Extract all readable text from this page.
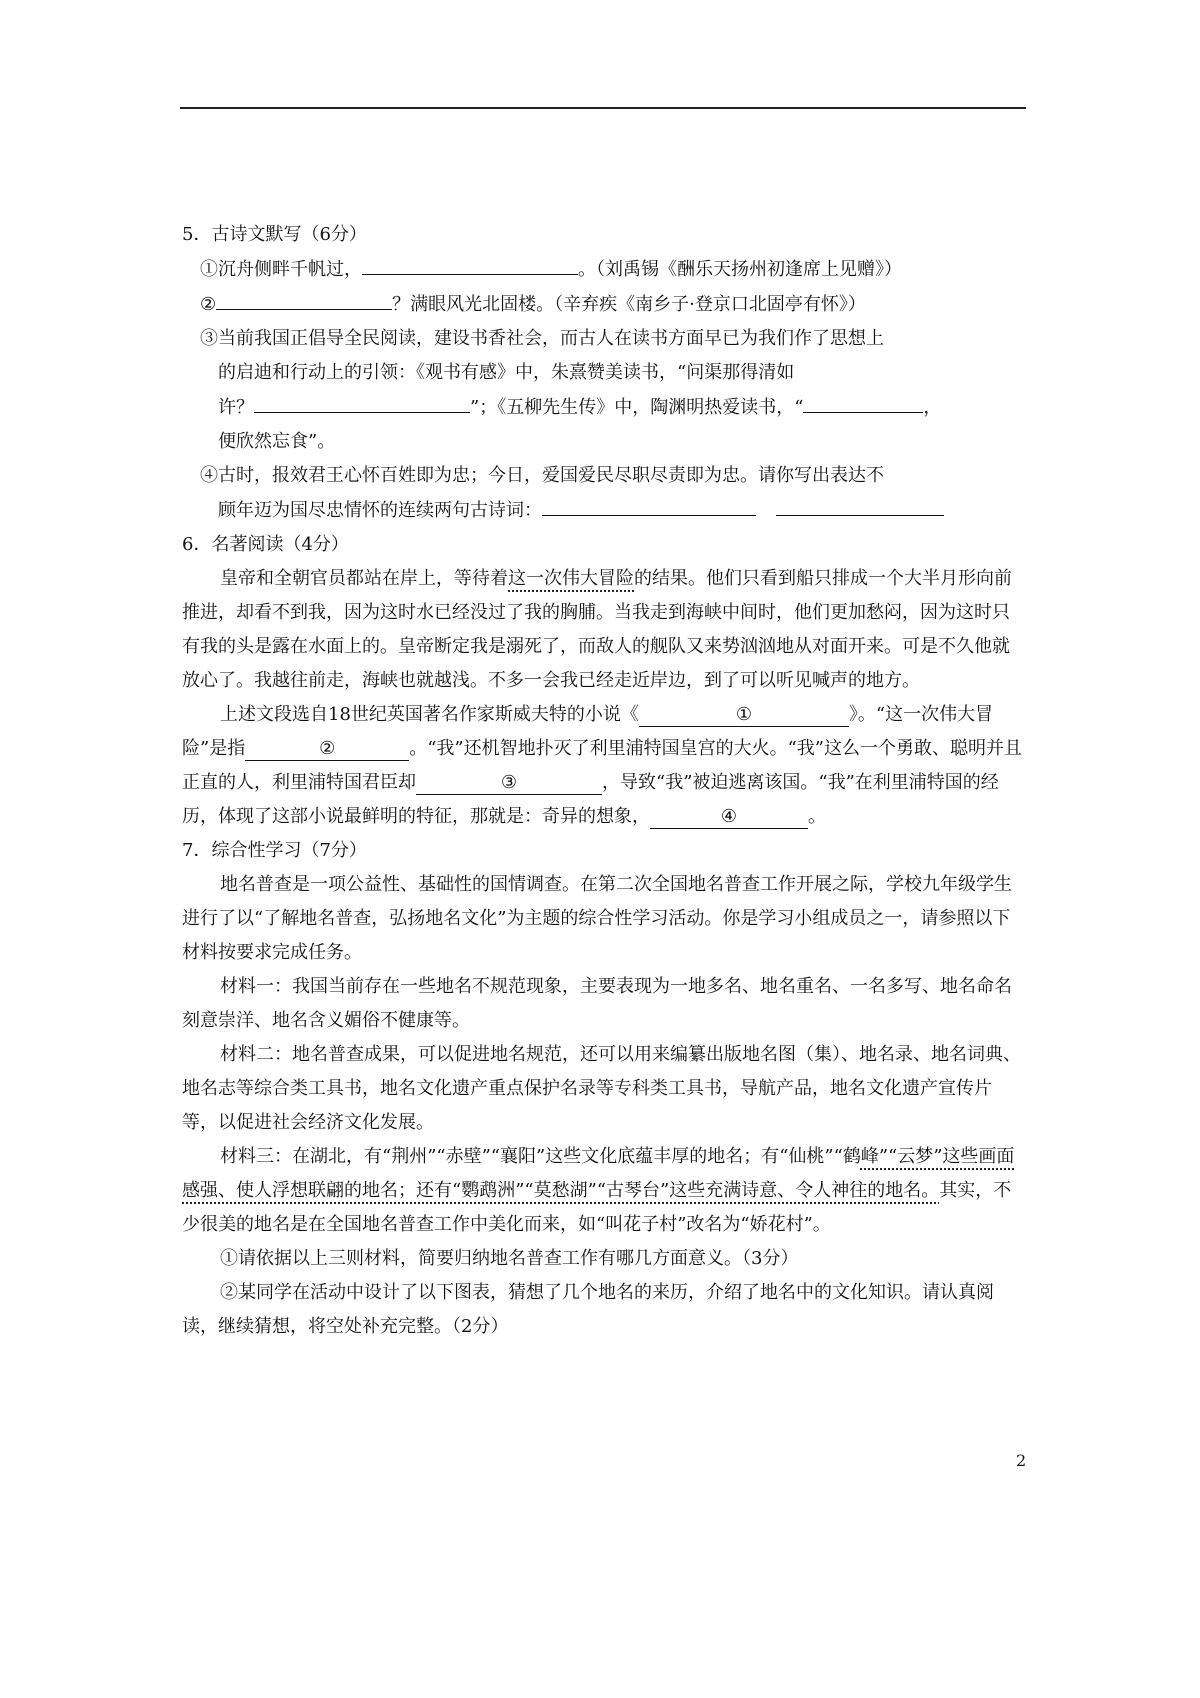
5．古诗文默写（6分）

①沉舟侧畔千帆过，	。（刘禹锡《酬乐天扬州初逢席上见赠》）

②	？满眼风光北固楼。（辛弃疾《南乡子·登京口北固亭有怀》）

③当前我国正倡导全民阅读，建设书香社会，而古人在读书方面早已为我们作了思想上
的启迪和行动上的引领：《观书有感》中，朱熹赞美读书，“问渠那得清如
许？	”；《五柳先生传》中，陶渊明热爱读书，“	，
便欣然忘食”。

④古时，报效君王心怀百姓即为忠；今日，爱国爱民尽职尽责即为忠。请你写出表达不
顾年迈为国尽忠情怀的连续两句古诗词：

6．名著阅读（4分）

皇帝和全朝官员都站在岸上，等待着这一次伟大冒险的结果。他们只看到船只排成一个大半月形向前推进，却看不到我，因为这时水已经没过了我的胸脯。当我走到海峡中间时，他们更加愁闷，因为这时只有我的头是露在水面上的。皇帝断定我是溺死了，而敌人的舰队又来势汹汹地从对面开来。可是不久他就放心了。我越往前走，海峡也就越浅。不多一会我已经走近岸边，到了可以听见喊声的地方。

上述文段选自18世纪英国著名作家斯威夫特的小说《	①	》。“这一次伟大冒险”是指	②	。“我”还机智地扑灭了利里浦特国皇宫的大火。“我”这么一个勇敢、聪明并且正直的人，利里浦特国君臣却	③	，导致“我”被迫逃离该国。“我”在利里浦特国的经历，体现了这部小说最鲜明的特征，那就是：奇异的想象，	④	。

7．综合性学习（7分）

地名普查是一项公益性、基础性的国情调查。在第二次全国地名普查工作开展之际，学校九年级学生进行了以“了解地名普查，弘扬地名文化”为主题的综合性学习活动。你是学习小组成员之一，请参照以下材料按要求完成任务。

材料一：我国当前存在一些地名不规范现象，主要表现为一地多名、地名重名、一名多写、地名命名刻意崇洋、地名含义媚俗不健康等。

材料二：地名普查成果，可以促进地名规范，还可以用来编纂出版地名图（集）、地名录、地名词典、地名志等综合类工具书，地名文化遗产重点保护名录等专科类工具书，导航产品，地名文化遗产宣传片等，以促进社会经济文化发展。

材料三：在湖北，有“荆州”“赤壁”“襄阳”这些文化底蕴丰厚的地名；有“仙桃”“鹤峰”“云梦”这些画面感强、使人浮想联翩的地名；还有“鹦鹉洲”“莫愁湖”“古琴台”这些充满诗意、令人神往的地名。其实，不少很美的地名是在全国地名普查工作中美化而来，如“叫花子村”改名为“娇花村”。

①请依据以上三则材料，简要归纳地名普查工作有哪几方面意义。（3分）

②某同学在活动中设计了以下图表，猜想了几个地名的来历，介绍了地名中的文化知识。请认真阅读，继续猜想，将空处补充完整。（2分）

2
